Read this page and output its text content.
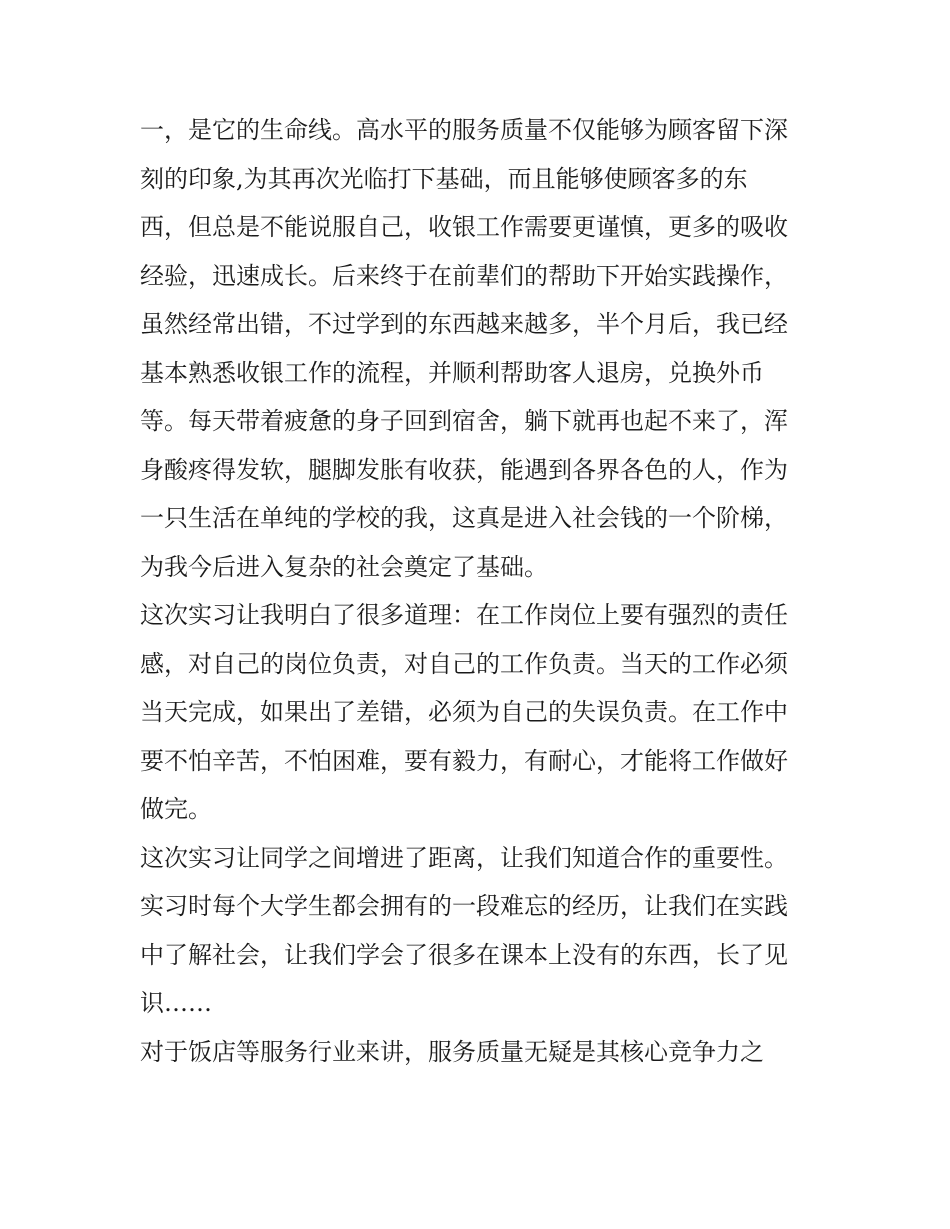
一，是它的生命线。高水平的服务质量不仅能够为顾客留下深
刻的印象,为其再次光临打下基础，而且能够使顾客多的东
西，但总是不能说服自己，收银工作需要更谨慎，更多的吸收
经验，迅速成长。后来终于在前辈们的帮助下开始实践操作，
虽然经常出错，不过学到的东西越来越多，半个月后，我已经
基本熟悉收银工作的流程，并顺利帮助客人退房，兑换外币
等。每天带着疲惫的身子回到宿舍，躺下就再也起不来了，浑
身酸疼得发软，腿脚发胀有收获，能遇到各界各色的人，作为
一只生活在单纯的学校的我，这真是进入社会钱的一个阶梯，
为我今后进入复杂的社会奠定了基础。
这次实习让我明白了很多道理：在工作岗位上要有强烈的责任
感，对自己的岗位负责，对自己的工作负责。当天的工作必须
当天完成，如果出了差错，必须为自己的失误负责。在工作中
要不怕辛苦，不怕困难，要有毅力，有耐心，才能将工作做好
做完。
这次实习让同学之间增进了距离，让我们知道合作的重要性。
实习时每个大学生都会拥有的一段难忘的经历，让我们在实践
中了解社会，让我们学会了很多在课本上没有的东西，长了见
识……
对于饭店等服务行业来讲，服务质量无疑是其核心竞争力之
